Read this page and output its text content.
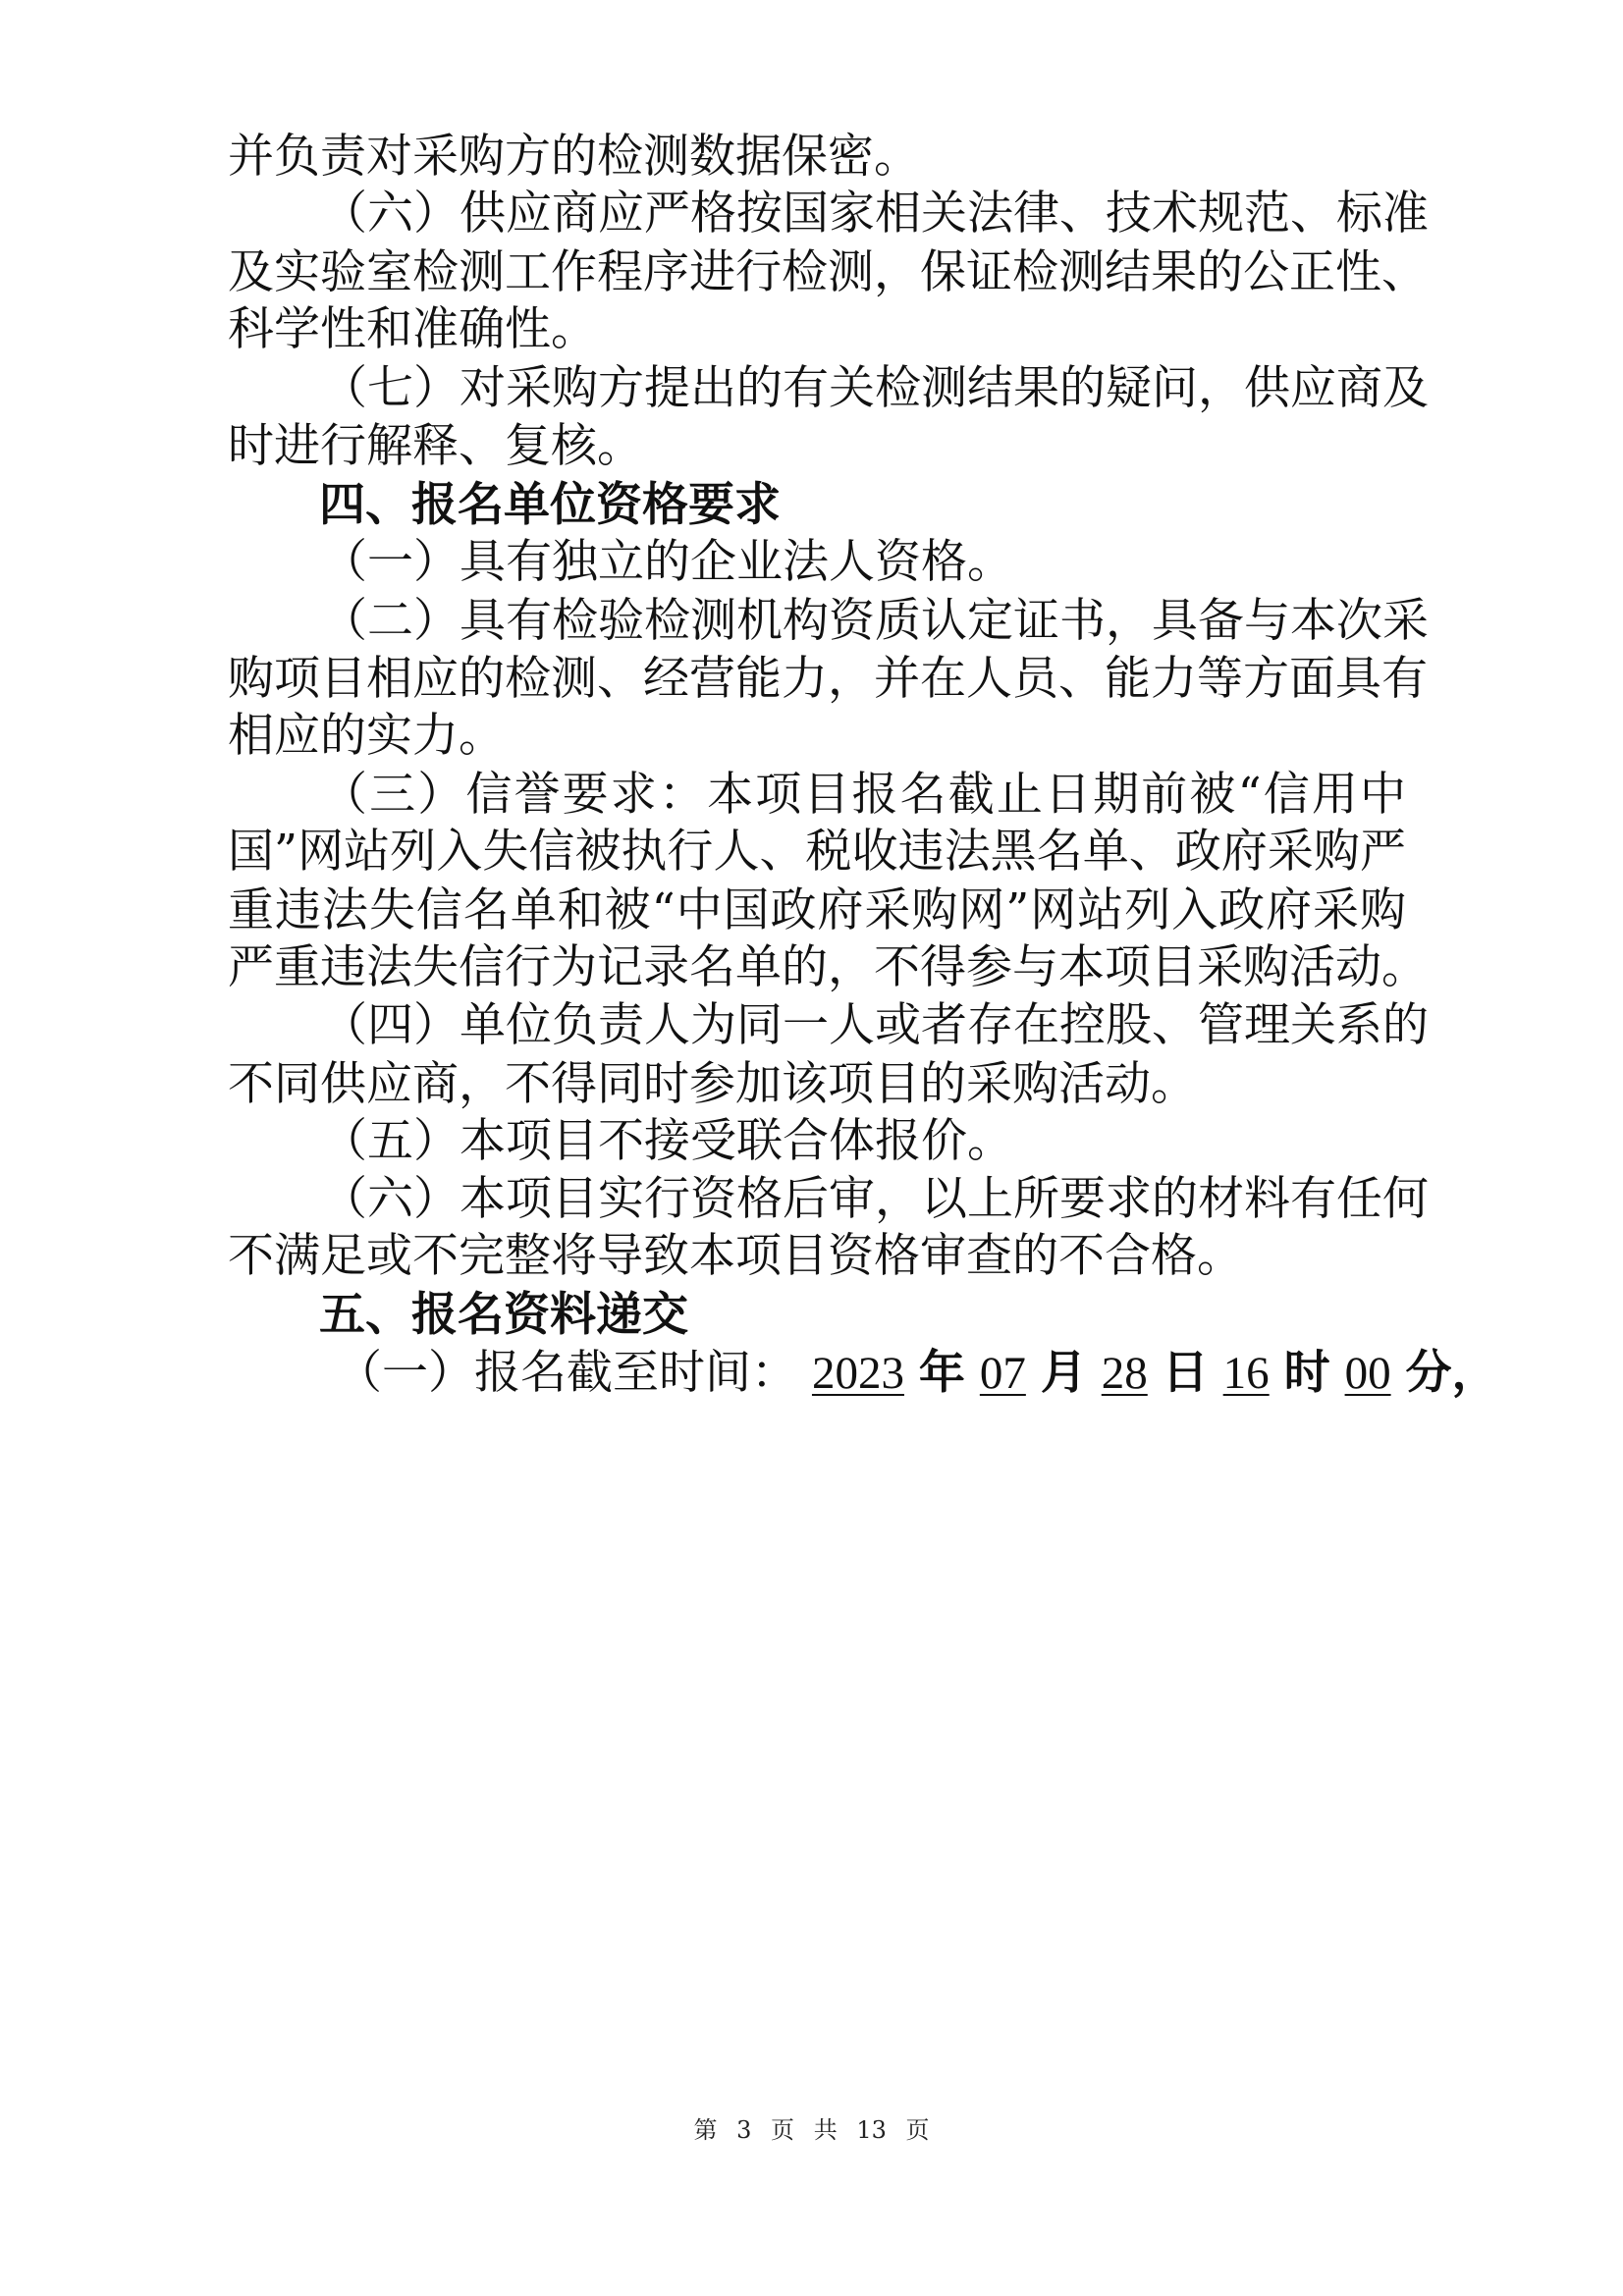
并负责对采购方的检测数据保密。

（六）供应商应严格按国家相关法律、技术规范、标准

及实验室检测工作程序进行检测，保证检测结果的公正性、

科学性和准确性。

（七）对采购方提出的有关检测结果的疑问，供应商及

时进行解释、复核。

四、报名单位资格要求

（一）具有独立的企业法人资格。

（二）具有检验检测机构资质认定证书，具备与本次采

购项目相应的检测、经营能力，并在人员、能力等方面具有

相应的实力。

（三）信誉要求：本项目报名截止日期前被“信用中

国”网站列入失信被执行人、税收违法黑名单、政府采购严

重违法失信名单和被“中国政府采购网”网站列入政府采购

严重违法失信行为记录名单的，不得参与本项目采购活动。

（四）单位负责人为同一人或者存在控股、管理关系的

不同供应商，不得同时参加该项目的采购活动。

（五）本项目不接受联合体报价。

（六）本项目实行资格后审，以上所要求的材料有任何

不满足或不完整将导致本项目资格审查的不合格。

五、报名资料递交

（一）报名截至时间： 2023 年 07 月 28 日 16 时 00 分，

第 3 页 共 13 页
